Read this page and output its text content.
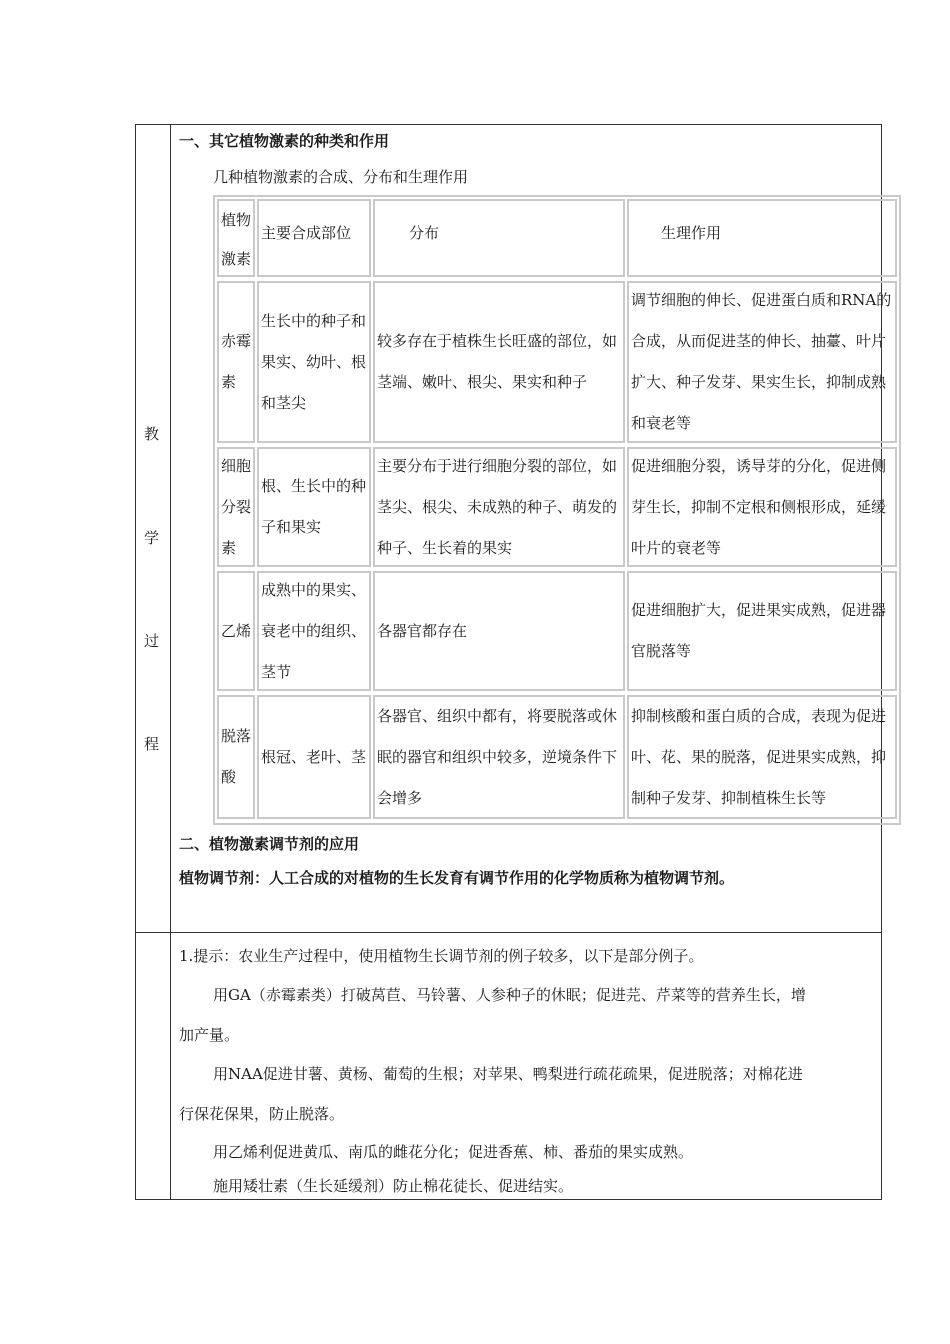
教
学
过
程
一、其它植物激素的种类和作用
几种植物激素的合成、分布和生理作用
植物激素
主要合成部位	分布	生理作用
赤霉素
生长中的种子和果实、幼叶、根和茎尖
较多存在于植株生长旺盛的部位，如茎端、嫩叶、根尖、果实和种子
调节细胞的伸长、促进蛋白质和RNA的合成，从而促进茎的伸长、抽薹、叶片扩大、种子发芽、果实生长，抑制成熟和衰老等
细胞分裂素
根、生长中的种子和果实
主要分布于进行细胞分裂的部位，如茎尖、根尖、未成熟的种子、萌发的种子、生长着的果实
促进细胞分裂，诱导芽的分化，促进侧芽生长，抑制不定根和侧根形成，延缓叶片的衰老等
乙烯
成熟中的果实、衰老中的组织、茎节
各器官都存在
促进细胞扩大，促进果实成熟，促进器官脱落等
脱落酸
根冠、老叶、茎
各器官、组织中都有，将要脱落或休眠的器官和组织中较多，逆境条件下会增多
抑制核酸和蛋白质的合成，表现为促进叶、花、果的脱落，促进果实成熟，抑制种子发芽、抑制植株生长等
二、植物激素调节剂的应用
植物调节剂：人工合成的对植物的生长发育有调节作用的化学物质称为植物调节剂。

1.提示：农业生产过程中，使用植物生长调节剂的例子较多，以下是部分例子。

用GA（赤霉素类）打破莴苣、马铃薯、人参种子的休眠；促进芫、芹菜等的营养生长，增

加产量。

用NAA促进甘薯、黄杨、葡萄的生根；对苹果、鸭梨进行疏花疏果，促进脱落；对棉花进

行保花保果，防止脱落。

用乙烯利促进黄瓜、南瓜的雌花分化；促进香蕉、柿、番茄的果实成熟。

施用矮壮素（生长延缓剂）防止棉花徒长、促进结实。
